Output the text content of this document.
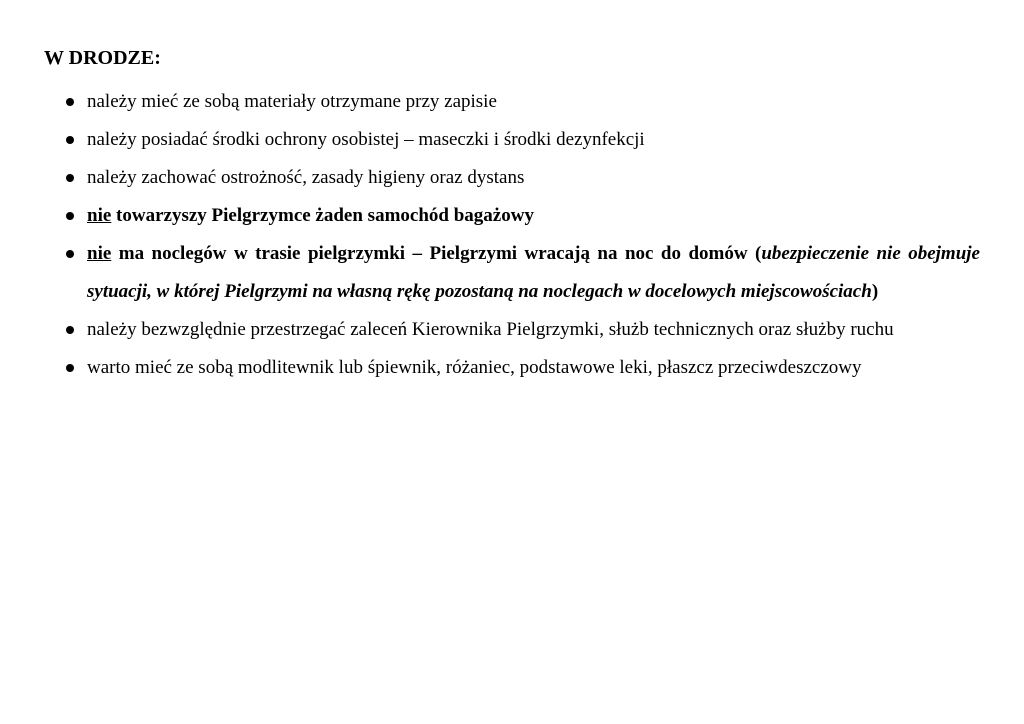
W DRODZE:
należy mieć ze sobą materiały otrzymane przy zapisie
należy posiadać środki ochrony osobistej – maseczki i środki dezynfekcji
należy zachować ostrożność, zasady higieny oraz dystans
nie towarzyszy Pielgrzymce żaden samochód bagażowy
nie ma noclegów w trasie pielgrzymki – Pielgrzymi wracają na noc do domów (ubezpieczenie nie obejmuje sytuacji, w której Pielgrzymi na własną rękę pozostaną na noclegach w docelowych miejscowościach)
należy bezwzględnie przestrzegać zaleceń Kierownika Pielgrzymki, służb technicznych oraz służby ruchu
warto mieć ze sobą modlitewnik lub śpiewnik, różaniec, podstawowe leki, płaszcz przeciwdeszczowy
